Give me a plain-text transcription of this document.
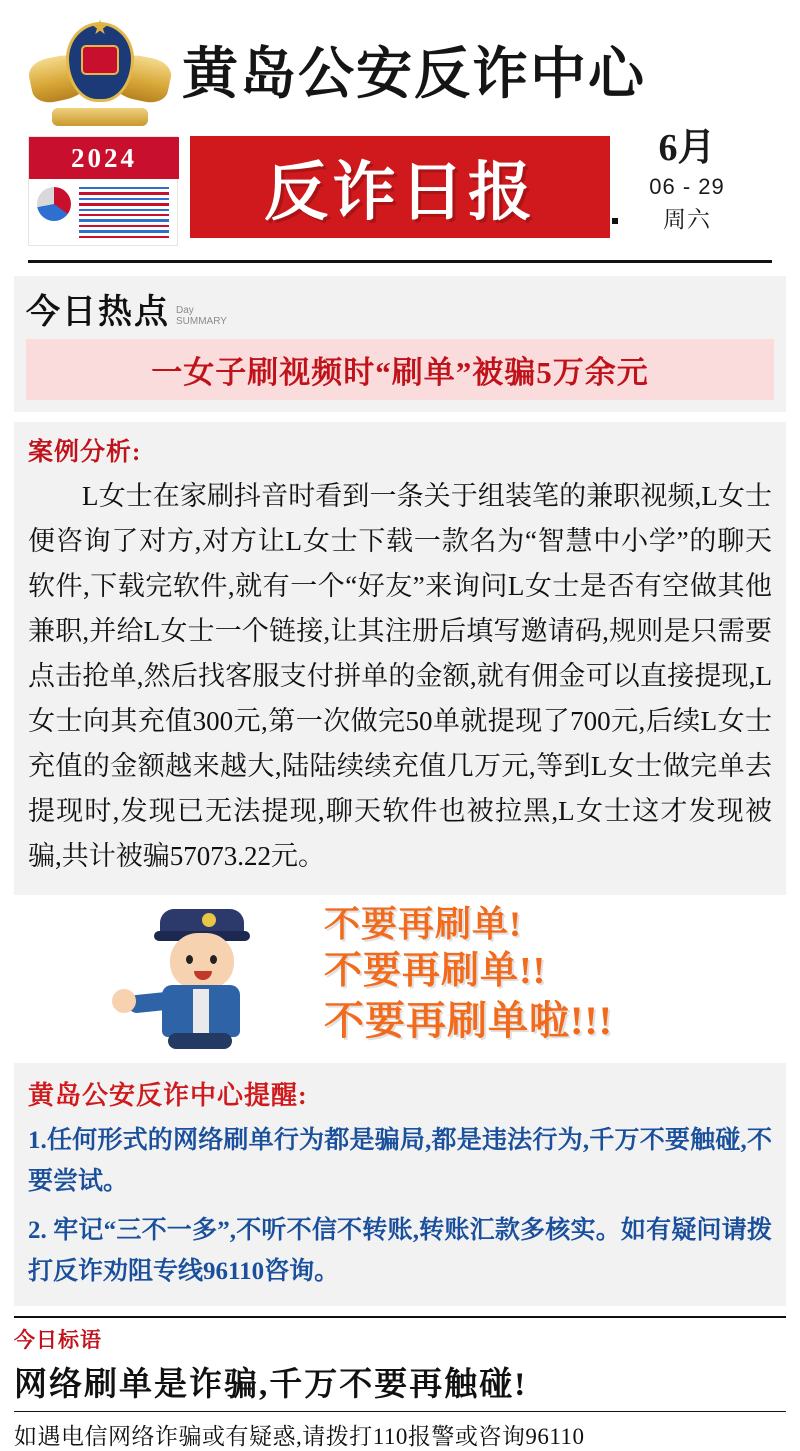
★
黄岛公安反诈中心
2024	反诈日报
6月
06 - 29
周六
今日热点 Day
SUMMARY
一女子刷视频时“刷单”被骗5万余元
案例分析:
L女士在家刷抖音时看到一条关于组装笔的兼职视频,L女士便咨询了对方,对方让L女士下载一款名为“智慧中小学”的聊天软件,下载完软件,就有一个“好友”来询问L女士是否有空做其他兼职,并给L女士一个链接,让其注册后填写邀请码,规则是只需要点击抢单,然后找客服支付拼单的金额,就有佣金可以直接提现,L女士向其充值300元,第一次做完50单就提现了700元,后续L女士充值的金额越来越大,陆陆续续充值几万元,等到L女士做完单去提现时,发现已无法提现,聊天软件也被拉黑,L女士这才发现被骗,共计被骗57073.22元。
不要再刷单!
不要再刷单!!
不要再刷单啦!!!
黄岛公安反诈中心提醒:
1.任何形式的网络刷单行为都是骗局,都是违法行为,千万不要触碰,不要尝试。
2. 牢记“三不一多”,不听不信不转账,转账汇款多核实。如有疑问请拨打反诈劝阻专线96110咨询。
今日标语
网络刷单是诈骗,千万不要再触碰!
如遇电信网络诈骗或有疑惑,请拨打110报警或咨询96110
